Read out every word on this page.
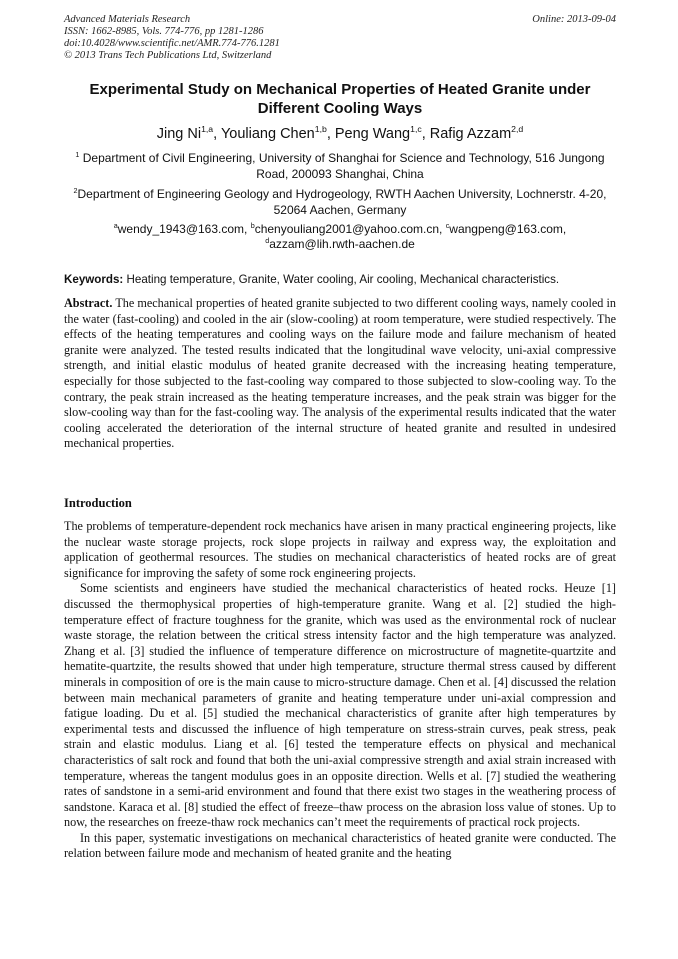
Online: 2013-09-04
Advanced Materials Research
ISSN: 1662-8985, Vols. 774-776, pp 1281-1286
doi:10.4028/www.scientific.net/AMR.774-776.1281
© 2013 Trans Tech Publications Ltd, Switzerland
Experimental Study on Mechanical Properties of Heated Granite under Different Cooling Ways
Jing Ni$^{1,a}$, Youliang Chen$^{1,b}$, Peng Wang$^{1,c}$, Rafig Azzam$^{2,d}$
$^1$ Department of Civil Engineering, University of Shanghai for Science and Technology, 516 Jungong Road, 200093 Shanghai, China
$^2$Department of Engineering Geology and Hydrogeology, RWTH Aachen University, Lochnerstr. 4-20, 52064 Aachen, Germany
$^a$wendy_1943@163.com, $^b$chenyouliang2001@yahoo.com.cn, $^c$wangpeng@163.com,
$^d$azzam@lih.rwth-aachen.de
Keywords: Heating temperature, Granite, Water cooling, Air cooling, Mechanical characteristics.
Abstract. The mechanical properties of heated granite subjected to two different cooling ways, namely cooled in the water (fast-cooling) and cooled in the air (slow-cooling) at room temperature, were studied respectively. The effects of the heating temperatures and cooling ways on the failure mode and failure mechanism of heated granite were analyzed. The tested results indicated that the longitudinal wave velocity, uni-axial compressive strength, and initial elastic modulus of heated granite decreased with the increasing heating temperature, especially for those subjected to the fast-cooling way compared to those subjected to slow-cooling way. To the contrary, the peak strain increased as the heating temperature increases, and the peak strain was bigger for the slow-cooling way than for the fast-cooling way. The analysis of the experimental results indicated that the water cooling accelerated the deterioration of the internal structure of heated granite and resulted in undesired mechanical properties.
Introduction

The problems of temperature-dependent rock mechanics have arisen in many practical engineering projects, like the nuclear waste storage projects, rock slope projects in railway and express way, the exploitation and application of geothermal resources. The studies on mechanical characteristics of heated rocks are of great significance for improving the safety of some rock engineering projects.

Some scientists and engineers have studied the mechanical characteristics of heated rocks. Heuze [1] discussed the thermophysical properties of high-temperature granite. Wang et al. [2] studied the high-temperature effect of fracture toughness for the granite, which was used as the environmental rock of nuclear waste storage, the relation between the critical stress intensity factor and the high temperature was analyzed. Zhang et al. [3] studied the influence of temperature difference on microstructure of magnetite-quartzite and hematite-quartzite, the results showed that under high temperature, structure thermal stress caused by different minerals in composition of ore is the main cause to micro-structure damage. Chen et al. [4] discussed the relation between main mechanical parameters of granite and heating temperature under uni-axial compression and fatigue loading. Du et al. [5] studied the mechanical characteristics of granite after high temperatures by experimental tests and discussed the influence of high temperature on stress-strain curves, peak stress, peak strain and elastic modulus. Liang et al. [6] tested the temperature effects on physical and mechanical characteristics of salt rock and found that both the uni-axial compressive strength and axial strain increased with temperature, whereas the tangent modulus goes in an opposite direction. Wells et al. [7] studied the weathering rates of sandstone in a semi-arid environment and found that there exist two stages in the weathering process of sandstone. Karaca et al. [8] studied the effect of freeze–thaw process on the abrasion loss value of stones. Up to now, the researches on freeze-thaw rock mechanics can’t meet the requirements of practical rock projects.

In this paper, systematic investigations on mechanical characteristics of heated granite were conducted. The relation between failure mode and mechanism of heated granite and the heating
